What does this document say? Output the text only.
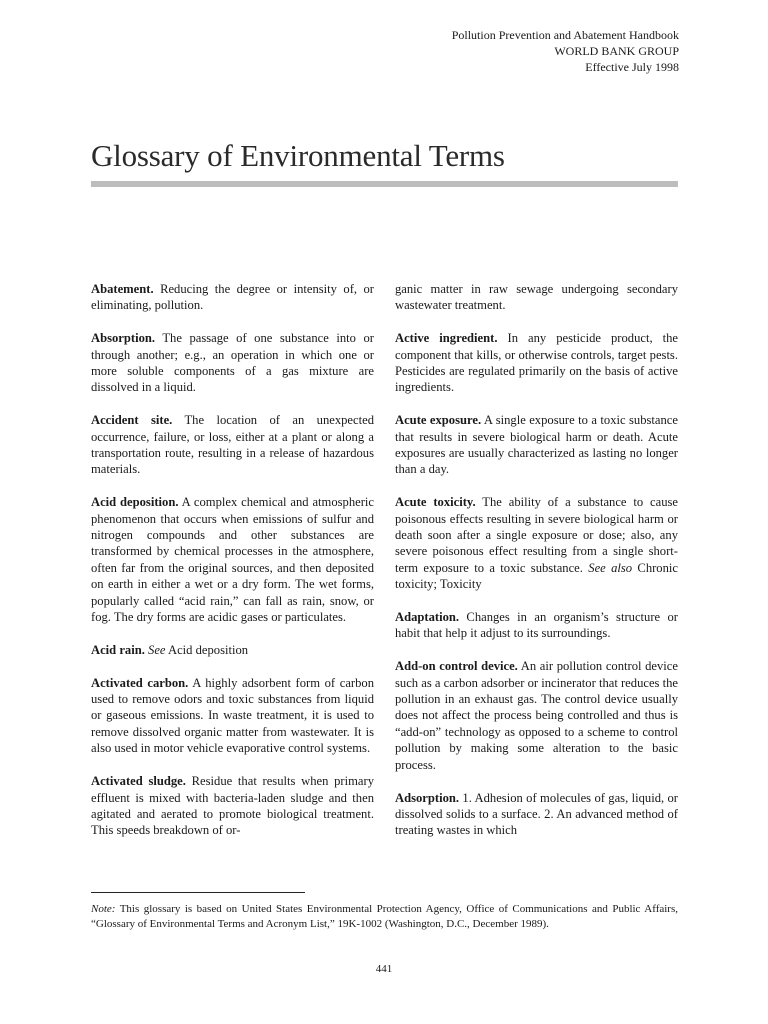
Pollution Prevention and Abatement Handbook
WORLD BANK GROUP
Effective July 1998
Glossary of Environmental Terms

Abatement. Reducing the degree or intensity of, or eliminating, pollution.

Absorption. The passage of one substance into or through another; e.g., an operation in which one or more soluble components of a gas mixture are dissolved in a liquid.

Accident site. The location of an unexpected occurrence, failure, or loss, either at a plant or along a transportation route, resulting in a release of hazardous materials.

Acid deposition. A complex chemical and atmospheric phenomenon that occurs when emissions of sulfur and nitrogen compounds and other substances are transformed by chemical processes in the atmosphere, often far from the original sources, and then deposited on earth in either a wet or a dry form. The wet forms, popularly called “acid rain,” can fall as rain, snow, or fog. The dry forms are acidic gases or particulates.

Acid rain. See Acid deposition

Activated carbon. A highly adsorbent form of carbon used to remove odors and toxic substances from liquid or gaseous emissions. In waste treatment, it is used to remove dissolved organic matter from wastewater. It is also used in motor vehicle evaporative control systems.

Activated sludge. Residue that results when primary effluent is mixed with bacteria-laden sludge and then agitated and aerated to promote biological treatment. This speeds breakdown of or-

ganic matter in raw sewage undergoing secondary wastewater treatment.

Active ingredient. In any pesticide product, the component that kills, or otherwise controls, target pests. Pesticides are regulated primarily on the basis of active ingredients.

Acute exposure. A single exposure to a toxic substance that results in severe biological harm or death. Acute exposures are usually characterized as lasting no longer than a day.

Acute toxicity. The ability of a substance to cause poisonous effects resulting in severe biological harm or death soon after a single exposure or dose; also, any severe poisonous effect resulting from a single short-term exposure to a toxic substance. See also Chronic toxicity; Toxicity

Adaptation. Changes in an organism’s structure or habit that help it adjust to its surroundings.

Add-on control device. An air pollution control device such as a carbon adsorber or incinerator that reduces the pollution in an exhaust gas. The control device usually does not affect the process being controlled and thus is “add-on” technology as opposed to a scheme to control pollution by making some alteration to the basic process.

Adsorption. 1. Adhesion of molecules of gas, liquid, or dissolved solids to a surface. 2. An advanced method of treating wastes in which

Note: This glossary is based on United States Environmental Protection Agency, Office of Communications and Public Affairs, “Glossary of Environmental Terms and Acronym List,” 19K-1002 (Washington, D.C., December 1989).
441
